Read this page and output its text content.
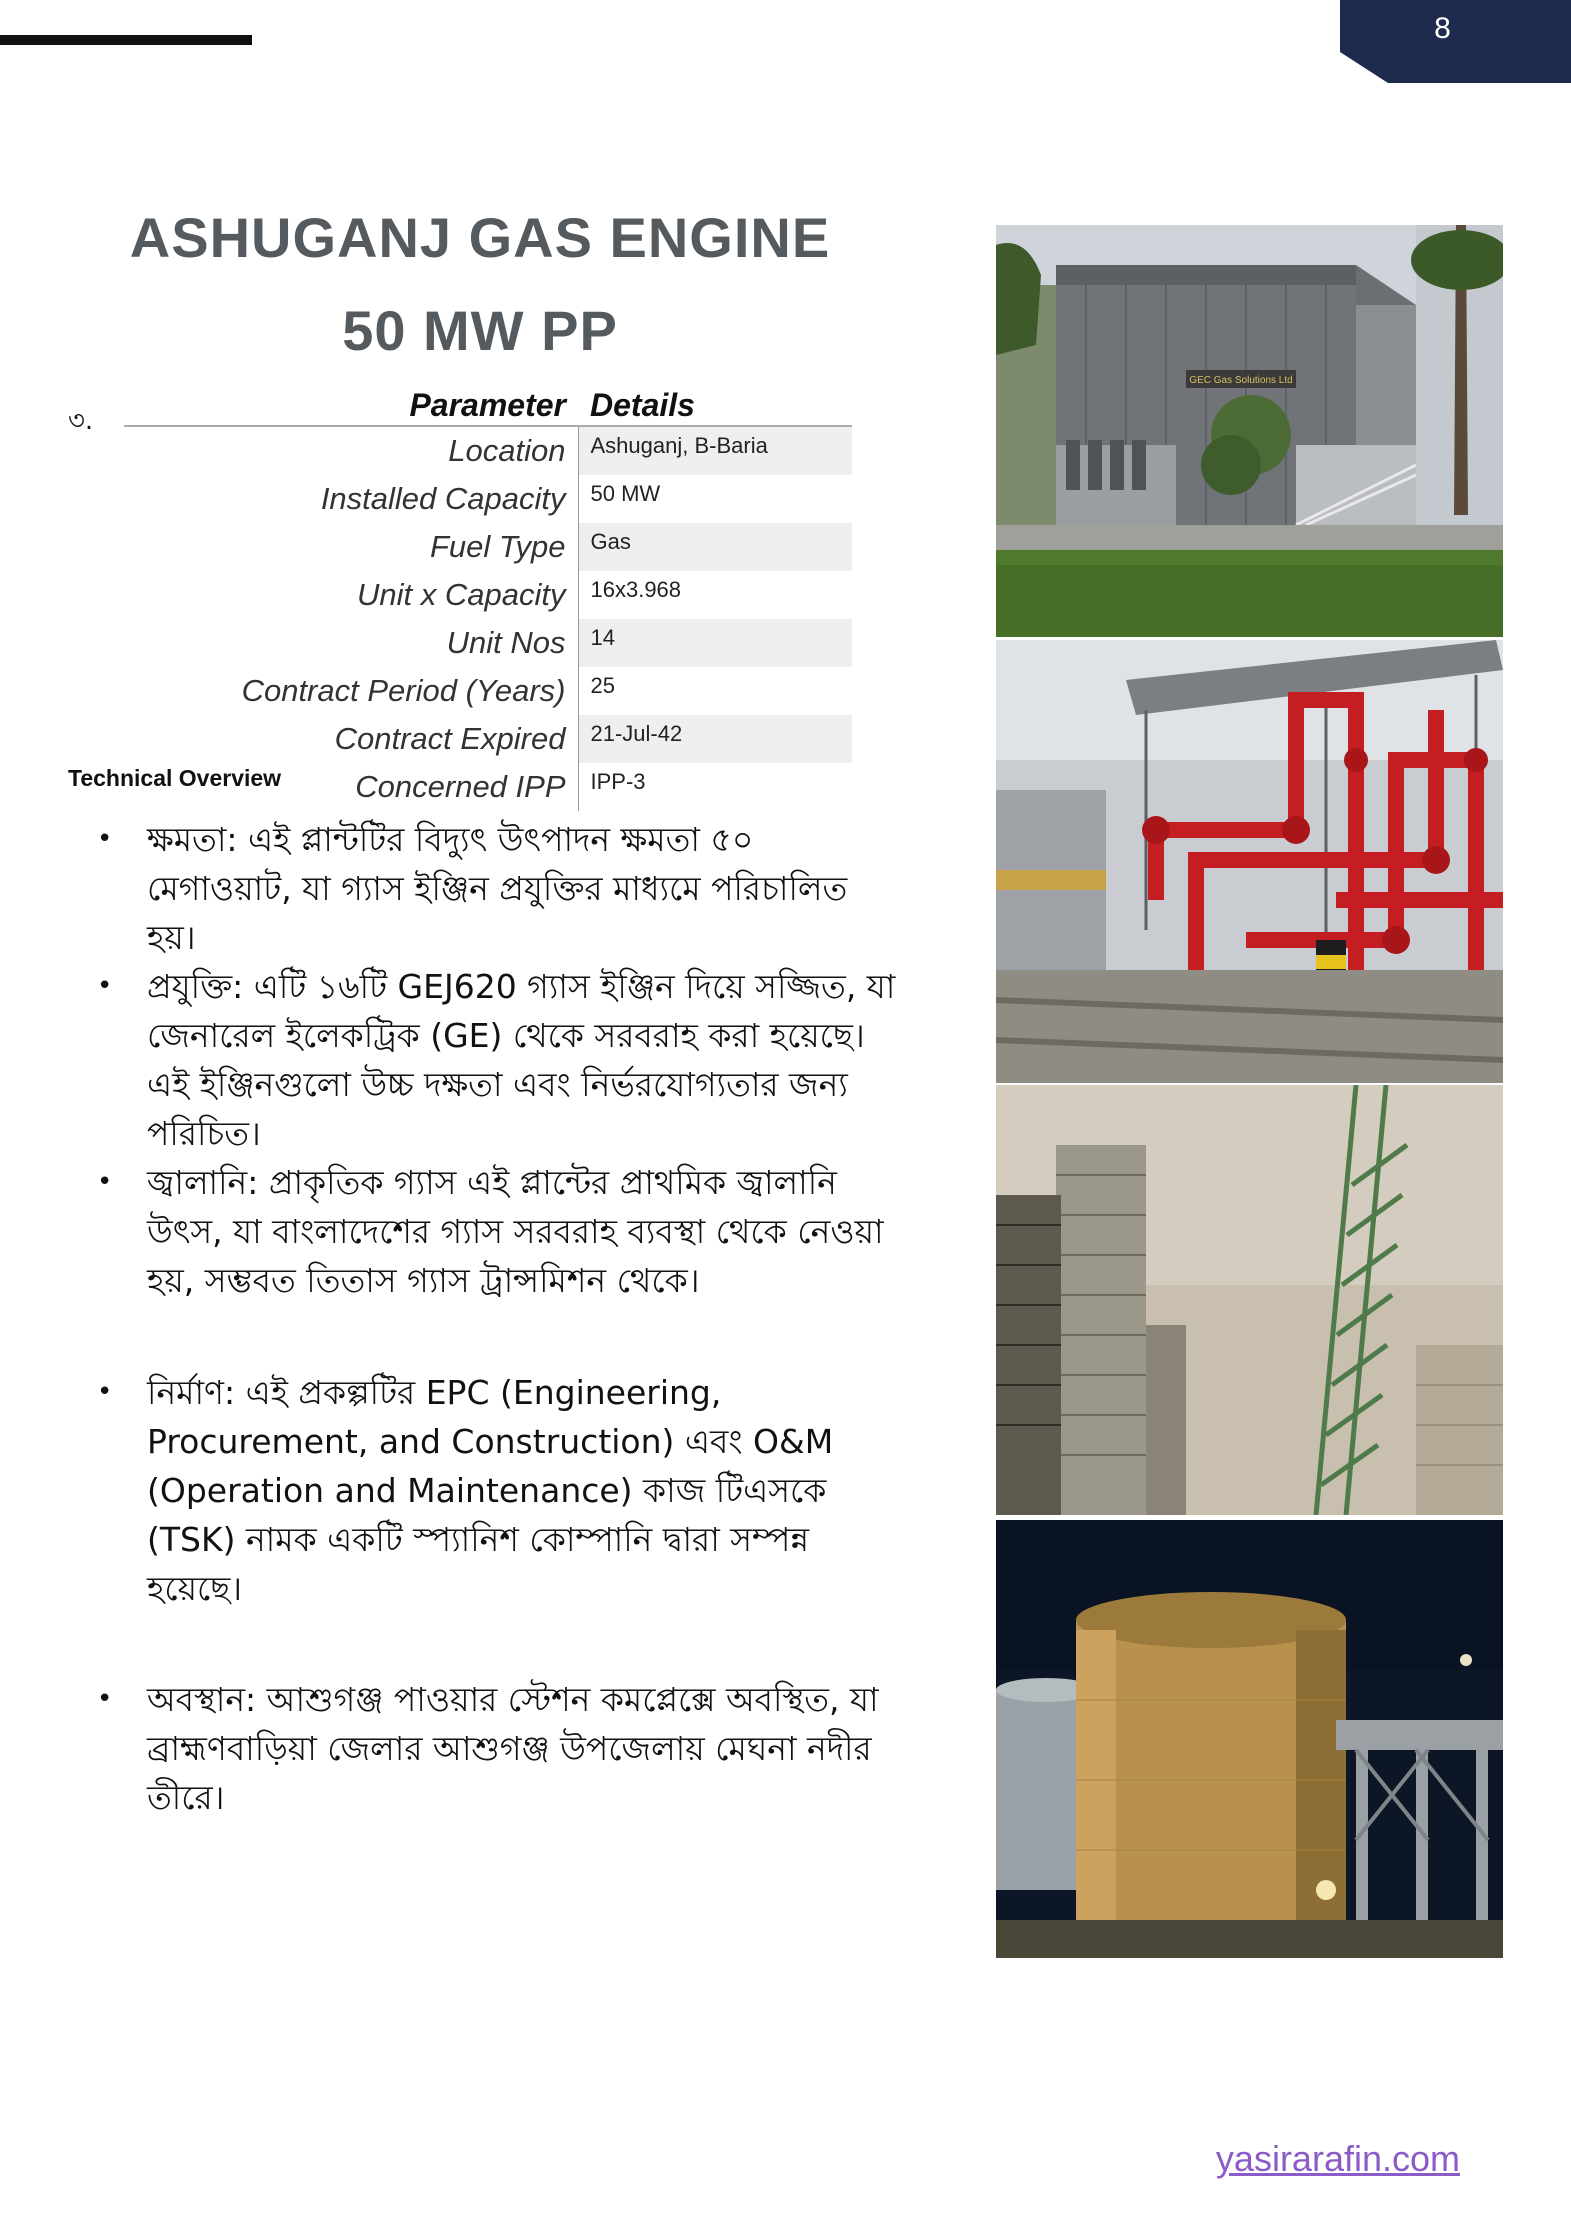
8
ASHUGANJ GAS ENGINE
50 MW PP
৩.	Parameter	Details
Location	Ashuganj, B-Baria
Installed Capacity	50 MW
Fuel Type	Gas
Unit x Capacity	16x3.968
Unit Nos	14
Contract Period (Years)	25
Contract Expired	21-Jul-42
Concerned IPP	IPP-3
Technical Overview
• ক্ষমতা: এই প্লান্টটির বিদ্যুৎ উৎপাদন ক্ষমতা ৫০ মেগাওয়াট, যা গ্যাস ইঞ্জিন প্রযুক্তির মাধ্যমে পরিচালিত হয়।
• প্রযুক্তি: এটি ১৬টি GEJ620 গ্যাস ইঞ্জিন দিয়ে সজ্জিত, যা জেনারেল ইলেকট্রিক (GE) থেকে সরবরাহ করা হয়েছে। এই ইঞ্জিনগুলো উচ্চ দক্ষতা এবং নির্ভরযোগ্যতার জন্য পরিচিত।
• জ্বালানি: প্রাকৃতিক গ্যাস এই প্লান্টের প্রাথমিক জ্বালানি উৎস, যা বাংলাদেশের গ্যাস সরবরাহ ব্যবস্থা থেকে নেওয়া হয়, সম্ভবত তিতাস গ্যাস ট্রান্সমিশন থেকে।
• নির্মাণ: এই প্রকল্পটির EPC (Engineering, Procurement, and Construction) এবং O&M (Operation and Maintenance) কাজ টিএসকে (TSK) নামক একটি স্প্যানিশ কোম্পানি দ্বারা সম্পন্ন হয়েছে।
• অবস্থান: আশুগঞ্জ পাওয়ার স্টেশন কমপ্লেক্সে অবস্থিত, যা ব্রাহ্মণবাড়িয়া জেলার আশুগঞ্জ উপজেলায় মেঘনা নদীর তীরে।
GEC Gas Solutions Ltd
yasirarafin.com
